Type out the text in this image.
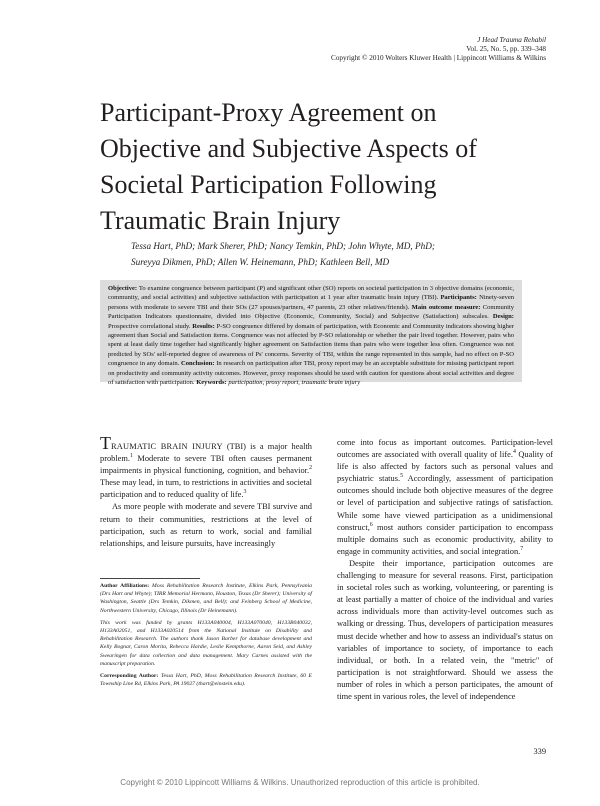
J Head Trauma Rehabil
Vol. 25, No. 5, pp. 339–348
Copyright © 2010 Wolters Kluwer Health | Lippincott Williams & Wilkins
Participant-Proxy Agreement on Objective and Subjective Aspects of Societal Participation Following Traumatic Brain Injury
Tessa Hart, PhD; Mark Sherer, PhD; Nancy Temkin, PhD; John Whyte, MD, PhD;
Sureyya Dikmen, PhD; Allen W. Heinemann, PhD; Kathleen Bell, MD
Objective: To examine congruence between participant (P) and significant other (SO) reports on societal participation in 3 objective domains (economic, community, and social activities) and subjective satisfaction with participation at 1 year after traumatic brain injury (TBI). Participants: Ninety-seven persons with moderate to severe TBI and their SOs (27 spouses/partners, 47 parents, 23 other relatives/friends). Main outcome measure: Community Participation Indicators questionnaire, divided into Objective (Economic, Community, Social) and Subjective (Satisfaction) subscales. Design: Prospective correlational study. Results: P-SO congruence differed by domain of participation, with Economic and Community indicators showing higher agreement than Social and Satisfaction items. Congruence was not affected by P-SO relationship or whether the pair lived together. However, pairs who spent at least daily time together had significantly higher agreement on Satisfaction items than pairs who were together less often. Congruence was not predicted by SOs' self-reported degree of awareness of Ps' concerns. Severity of TBI, within the range represented in this sample, had no effect on P-SO congruence in any domain. Conclusion: In research on participation after TBI, proxy report may be an acceptable substitute for missing participant report on productivity and community activity outcomes. However, proxy responses should be used with caution for questions about social activities and degree of satisfaction with participation. Keywords: participation, proxy report, traumatic brain injury

TRAUMATIC BRAIN INJURY (TBI) is a major health problem.$^1$ Moderate to severe TBI often causes permanent impairments in physical functioning, cognition, and behavior.$^2$ These may lead, in turn, to restrictions in activities and societal participation and to reduced quality of life.$^3$

As more people with moderate and severe TBI survive and return to their communities, restrictions at the level of participation, such as return to work, social and familial relationships, and leisure pursuits, have increasingly

Author Affiliations: Moss Rehabilitation Research Institute, Elkins Park, Pennsylvania (Drs Hart and Whyte); TIRR Memorial Hermann, Houston, Texas (Dr Sherer); University of Washington, Seattle (Drs Temkin, Dikmen, and Bell); and Feinberg School of Medicine, Northwestern University, Chicago, Illinois (Dr Heinemann).

This work was funded by grants H133A040004, H133A070040, H133B040032, H133A02051, and H133A020514 from the National Institute on Disability and Rehabilitation Research. The authors thank Jason Barber for database development and Kelly Bognar, Caron Morita, Rebecca Hardie, Leslie Kempthorne, Aaron Seid, and Ashley Swearingen for data collection and data management. Mary Carnes assisted with the manuscript preparation.

Corresponding Author: Tessa Hart, PhD, Moss Rehabilitation Research Institute, 60 E Township Line Rd, Elkins Park, PA 19027 (thart@einstein.edu).

come into focus as important outcomes. Participation-level outcomes are associated with overall quality of life.$^4$ Quality of life is also affected by factors such as personal values and psychiatric status.$^5$ Accordingly, assessment of participation outcomes should include both objective measures of the degree or level of participation and subjective ratings of satisfaction. While some have viewed participation as a unidimensional construct,$^6$ most authors consider participation to encompass multiple domains such as economic productivity, ability to engage in community activities, and social integration.$^7$

Despite their importance, participation outcomes are challenging to measure for several reasons. First, participation in societal roles such as working, volunteering, or parenting is at least partially a matter of choice of the individual and varies across individuals more than activity-level outcomes such as walking or dressing. Thus, developers of participation measures must decide whether and how to assess an individual's status on variables of importance to society, of importance to each individual, or both. In a related vein, the "metric" of participation is not straightforward. Should we assess the number of roles in which a person participates, the amount of time spent in various roles, the level of independence

339
Copyright © 2010 Lippincott Williams & Wilkins. Unauthorized reproduction of this article is prohibited.
